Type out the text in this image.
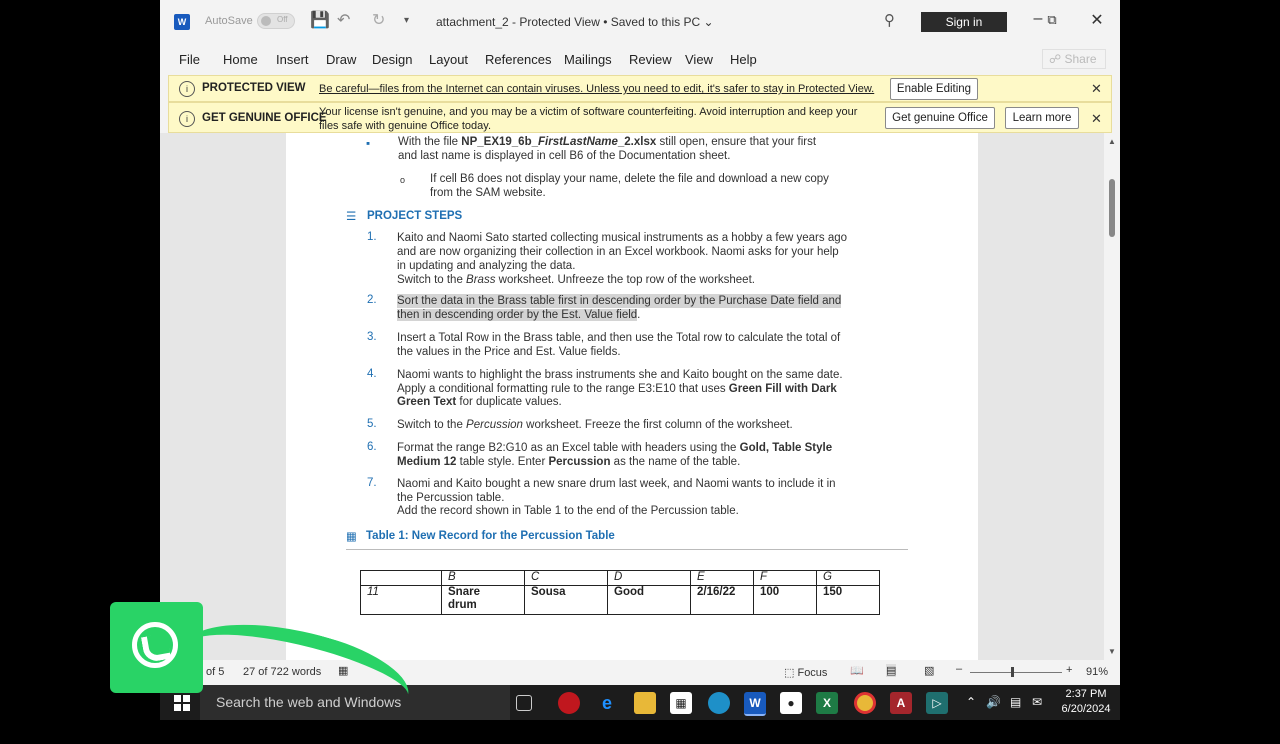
W	AutoSave	Off 💾 ↶ ↻ ▾ attachment_2 - Protected View • Saved to this PC ⌄	⚲	Sign in	– ⧉	✕
File Home Insert Draw Design Layout References Mailings Review View Help	☍ Share
i	PROTECTED VIEW Be careful—files from the Internet can contain viruses. Unless you need to edit, it's safer to stay in Protected View.	Enable Editing	✕
i	GET GENUINE OFFICE
Your license isn't genuine, and you may be a victim of software counterfeiting. Avoid interruption and keep your
files safe with genuine Office today.
Get genuine Office	Learn more	✕
▪ With the file NP_EX19_6b_FirstLastName_2.xlsx still open, ensure that your first

and last name is displayed in cell B6 of the Documentation sheet.

o If cell B6 does not display your name, delete the file and download a new copy

from the SAM website.

☰ PROJECT STEPS
1. Kaito and Naomi Sato started collecting musical instruments as a hobby a few years ago

and are now organizing their collection in an Excel workbook. Naomi asks for your help

in updating and analyzing the data.

Switch to the Brass worksheet. Unfreeze the top row of the worksheet.

2. Sort the data in the Brass table first in descending order by the Purchase Date field and

then in descending order by the Est. Value field.

3. Insert a Total Row in the Brass table, and then use the Total row to calculate the total of

the values in the Price and Est. Value fields.

4. Naomi wants to highlight the brass instruments she and Kaito bought on the same date.

Apply a conditional formatting rule to the range E3:E10 that uses Green Fill with Dark

Green Text for duplicate values.

5. Switch to the Percussion worksheet. Freeze the first column of the worksheet.

6. Format the range B2:G10 as an Excel table with headers using the Gold, Table Style

Medium 12 table style. Enter Percussion as the name of the table.

7. Naomi and Kaito bought a new snare drum last week, and Naomi wants to include it in

the Percussion table.

Add the record shown in Table 1 to the end of the Percussion table.

▦ Table 1: New Record for the Percussion Table
	B	C	D	E	F	G
11	Snare
drum	Sousa	Good	2/16/22	100	150
▲
▼
of 5 27 of 722 words ▦	⬚ Focus 📖 ▤	▧ –	+ 91%
Search the web and Windows	e	▦	W	●	X	A	▷	⌃ 🔊 ▤ ✉
2:37 PM
6/20/2024
